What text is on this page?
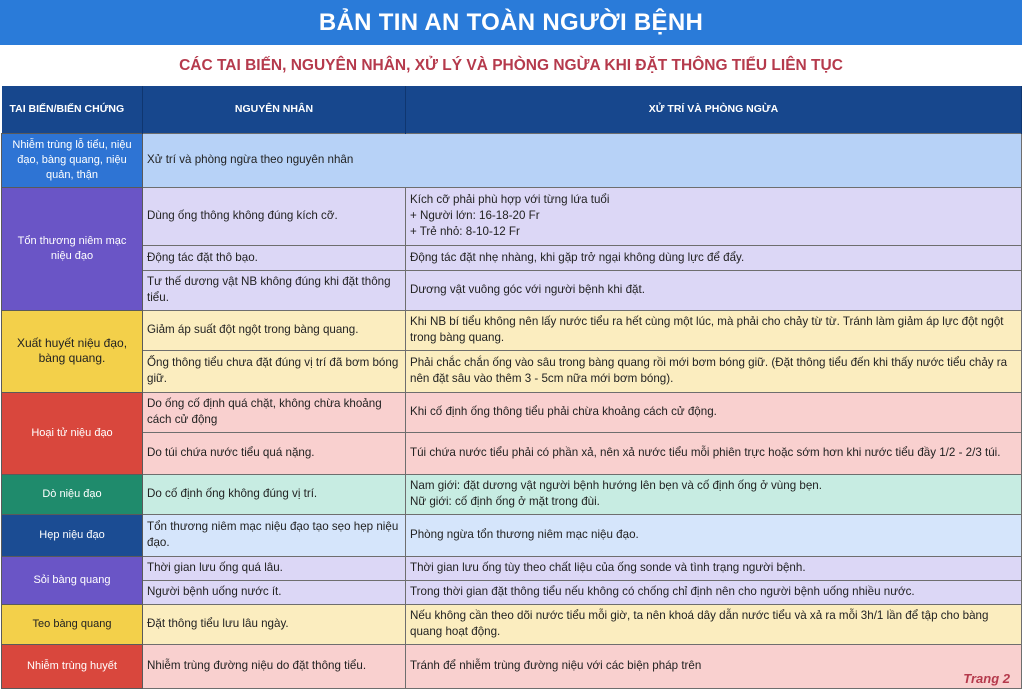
BẢN TIN AN TOÀN NGƯỜI BỆNH
CÁC TAI BIẾN, NGUYÊN NHÂN, XỬ LÝ VÀ PHÒNG NGỪA KHI ĐẶT THÔNG TIỂU LIÊN TỤC
TAI BIẾN/BIẾN CHỨNG	NGUYÊN NHÂN	XỬ TRÍ VÀ PHÒNG NGỪA
Nhiễm trùng lỗ tiểu, niệu đạo, bàng quang, niệu quản, thận	Xử trí và phòng ngừa theo nguyên nhân	
Tổn thương niêm mạc niệu đạo	Dùng ống thông không đúng kích cỡ.	Kích cỡ phải phù hợp với từng lứa tuổi
+ Người lớn: 16-18-20 Fr
+ Trẻ nhỏ: 8-10-12 Fr

	Động tác đặt thô bạo.	Động tác đặt nhẹ nhàng, khi gặp trở ngại không dùng lực để đẩy.
	Tư thế dương vật NB không đúng khi đặt thông tiểu.	Dương vật vuông góc với người bệnh khi đặt.
Xuất huyết niệu đạo, bàng quang.	Giảm áp suất đột ngột trong bàng quang.	Khi NB bí tiểu không nên lấy nước tiểu ra hết cùng một lúc, mà phải cho chảy từ từ. Tránh làm giảm áp lực đột ngột trong bàng quang.
	Ống thông tiểu chưa đặt đúng vị trí đã bơm bóng giữ.	Phải chắc chắn ống vào sâu trong bàng quang rồi mới bơm bóng giữ. (Đặt thông tiểu đến khi thấy nước tiểu chảy ra nên đặt sâu vào thêm 3 - 5cm nữa mới bơm bóng).
Hoại tử niệu đạo	Do ống cố định quá chặt, không chừa khoảng cách cử động	Khi cố định ống thông tiểu phải chừa khoảng cách cử động.
	Do túi chứa nước tiểu quá nặng.	Túi chứa nước tiểu phải có phần xả, nên xả nước tiểu mỗi phiên trực hoặc sớm hơn khi nước tiểu đầy 1/2 - 2/3 túi.
Dò niệu đạo	Do cố định ống không đúng vị trí.	Nam giới: đặt dương vật người bệnh hướng lên bẹn và cố định ống ở vùng bẹn.
Nữ giới: cố định ống ở mặt trong đùi.

Hẹp niệu đạo	Tổn thương niêm mạc niệu đạo tạo sẹo hẹp niệu đạo.	Phòng ngừa tổn thương niêm mạc niệu đạo.
Sỏi bàng quang	Thời gian lưu ống quá lâu.	Thời gian lưu ống tùy theo chất liệu của ống sonde và tình trạng người bệnh.
	Người bệnh uống nước ít.	Trong thời gian đặt thông tiểu nếu không có chống chỉ định nên cho người bệnh uống nhiều nước.
Teo bàng quang	Đặt thông tiểu lưu lâu ngày.	Nếu không cần theo dõi nước tiểu mỗi giờ, ta nên khoá dây dẫn nước tiểu và xả ra mỗi 3h/1 lần để tập cho bàng quang hoạt động.
Nhiễm trùng huyết	Nhiễm trùng đường niệu do đặt thông tiểu.	Tránh để nhiễm trùng đường niệu với các biện pháp trên
Trang 2
